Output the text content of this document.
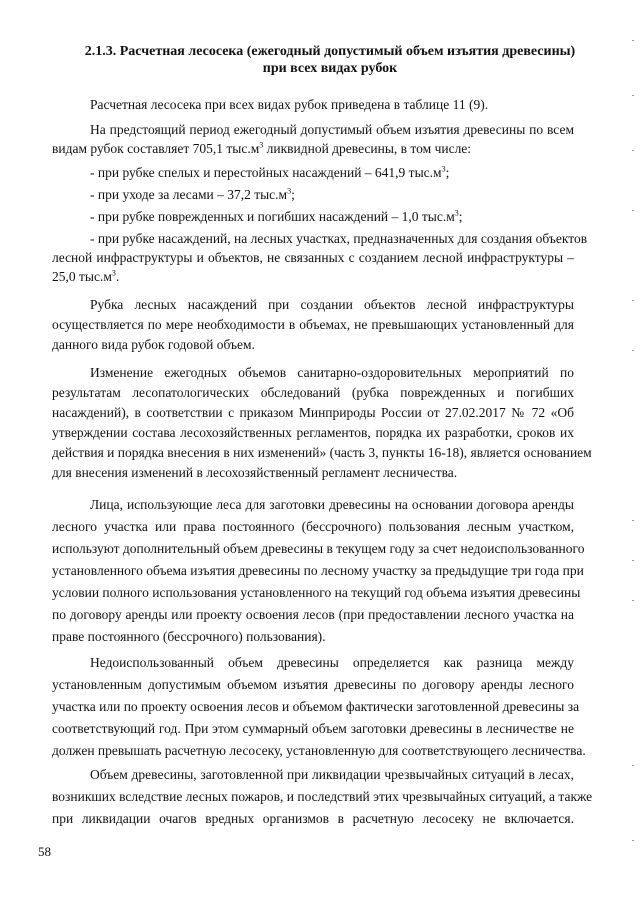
2.1.3. Расчетная лесосека (ежегодный допустимый объем изъятия древесины)
при всех видах рубок
Расчетная лесосека при всех видах рубок приведена в таблице 11 (9).
На предстоящий период ежегодный допустимый объем изъятия древесины по всем
видам рубок составляет 705,1 $тыс.м^3$ ликвидной древесины, в том числе:
- при рубке спелых и перестойных насаждений – 641,9 $тыс.м^3$;
- при уходе за лесами – 37,2 $тыс.м^3$;
- при рубке поврежденных и погибших насаждений – 1,0 $тыс.м^3$;
- при рубке насаждений, на лесных участках, предназначенных для создания объектов
лесной инфраструктуры и объектов, не связанных с созданием лесной инфраструктуры –
25,0 $тыс.м^3$.
Рубка лесных насаждений при создании объектов лесной инфраструктуры
осуществляется по мере необходимости в объемах, не превышающих установленный для
данного вида рубок годовой объем.
Изменение ежегодных объемов санитарно-оздоровительных мероприятий по
результатам лесопатологических обследований (рубка поврежденных и погибших
насаждений), в соответствии с приказом Минприроды России от 27.02.2017 № 72 «Об
утверждении состава лесохозяйственных регламентов, порядка их разработки, сроков их
действия и порядка внесения в них изменений» (часть 3, пункты 16-18), является основанием
для внесения изменений в лесохозяйственный регламент лесничества.
Лица, использующие леса для заготовки древесины на основании договора аренды
лесного участка или права постоянного (бессрочного) пользования лесным участком,
используют дополнительный объем древесины в текущем году за счет недоиспользованного
установленного объема изъятия древесины по лесному участку за предыдущие три года при
условии полного использования установленного на текущий год объема изъятия древесины
по договору аренды или проекту освоения лесов (при предоставлении лесного участка на
праве постоянного (бессрочного) пользования).
Недоиспользованный объем древесины определяется как разница между
установленным допустимым объемом изъятия древесины по договору аренды лесного
участка или по проекту освоения лесов и объемом фактически заготовленной древесины за
соответствующий год. При этом суммарный объем заготовки древесины в лесничестве не
должен превышать расчетную лесосеку, установленную для соответствующего лесничества.
Объем древесины, заготовленной при ликвидации чрезвычайных ситуаций в лесах,
возникших вследствие лесных пожаров, и последствий этих чрезвычайных ситуаций, а также
при ликвидации очагов вредных организмов в расчетную лесосеку не включается.
58
